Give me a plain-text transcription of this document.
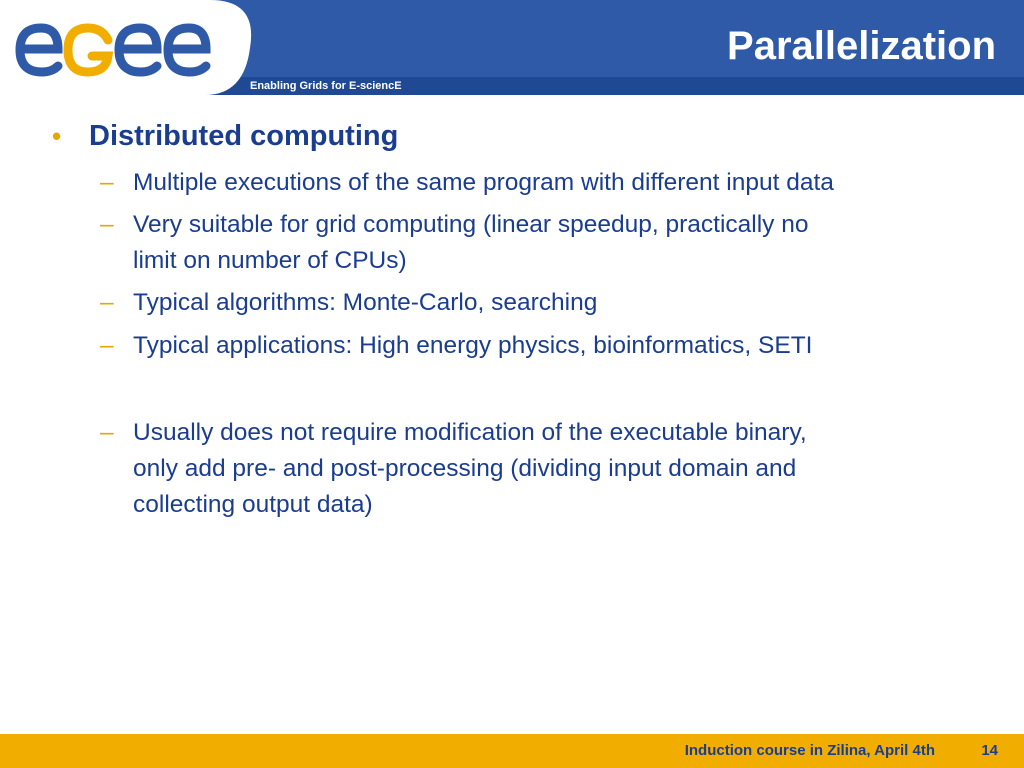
Enabling Grids for E-sciencE
Parallelization
• Distributed computing
– Multiple executions of the same program with different input data
– Very suitable for grid computing (linear speedup, practically no
limit on number of CPUs)
– Typical algorithms: Monte-Carlo, searching
– Typical applications: High energy physics, bioinformatics, SETI
– Usually does not require modification of the executable binary,
only add pre- and post-processing (dividing input domain and
collecting output data)
Induction course in Zilina, April 4th	14
